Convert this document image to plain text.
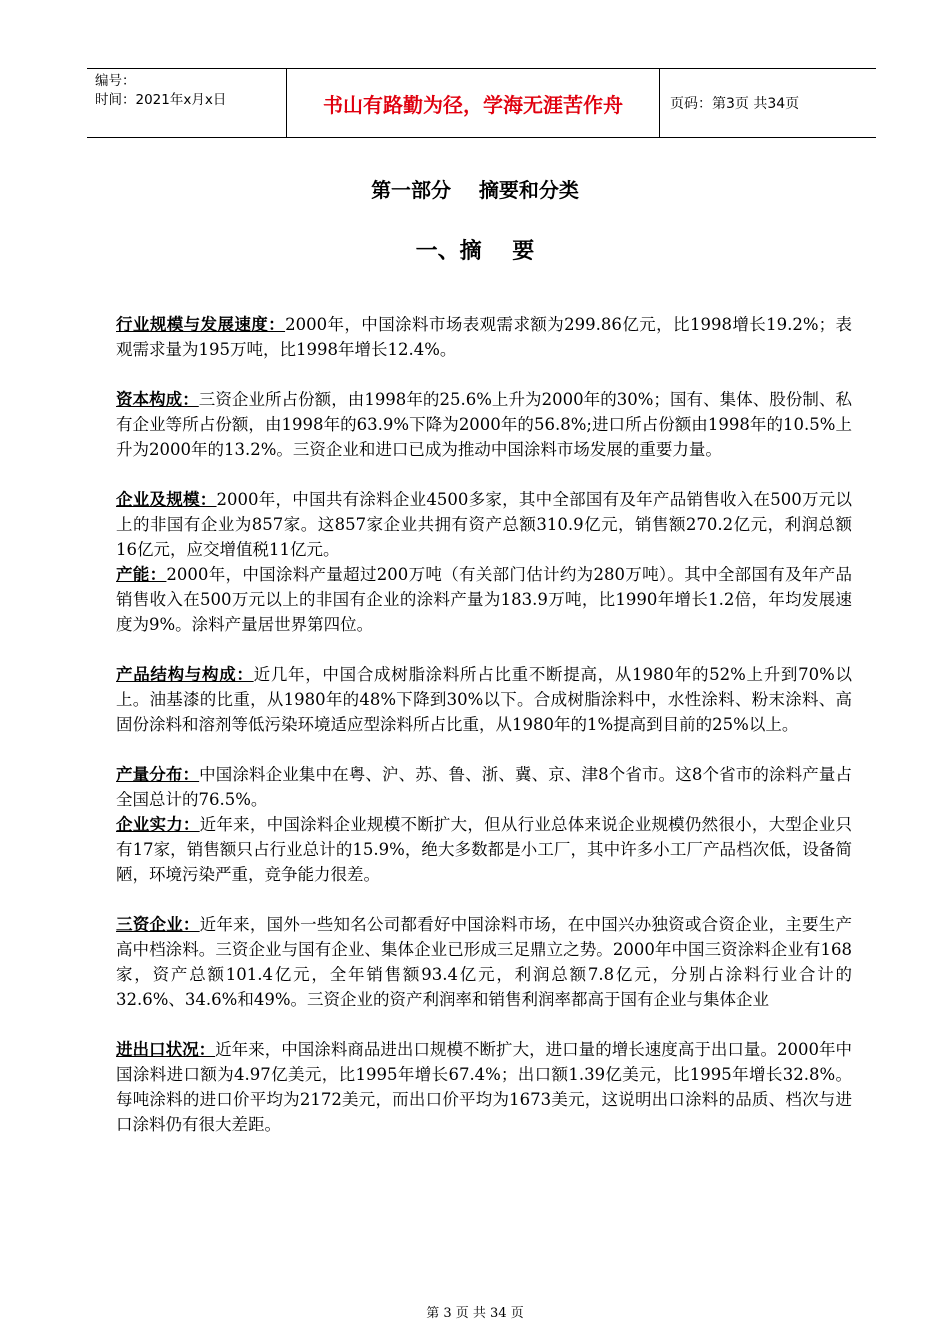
编号：
时间：2021年x月x日	书山有路勤为径，学海无涯苦作舟	页码：第3页 共34页
第一部分    摘要和分类
一、摘    要

行业规模与发展速度：2000年，中国涂料市场表观需求额为299.86亿元，比1998增长19.2%；表观需求量为195万吨，比1998年增长12.4%。

资本构成：三资企业所占份额，由1998年的25.6%上升为2000年的30%；国有、集体、股份制、私有企业等所占份额，由1998年的63.9%下降为2000年的56.8%;进口所占份额由1998年的10.5%上升为2000年的13.2%。三资企业和进口已成为推动中国涂料市场发展的重要力量。

企业及规模：2000年，中国共有涂料企业4500多家，其中全部国有及年产品销售收入在500万元以上的非国有企业为857家。这857家企业共拥有资产总额310.9亿元，销售额270.2亿元，利润总额16亿元，应交增值税11亿元。

产能：2000年，中国涂料产量超过200万吨（有关部门估计约为280万吨）。其中全部国有及年产品销售收入在500万元以上的非国有企业的涂料产量为183.9万吨，比1990年增长1.2倍，年均发展速度为9%。涂料产量居世界第四位。

产品结构与构成：近几年，中国合成树脂涂料所占比重不断提高，从1980年的52%上升到70%以上。油基漆的比重，从1980年的48%下降到30%以下。合成树脂涂料中，水性涂料、粉末涂料、高固份涂料和溶剂等低污染环境适应型涂料所占比重，从1980年的1%提高到目前的25%以上。

产量分布：中国涂料企业集中在粤、沪、苏、鲁、浙、冀、京、津8个省市。这8个省市的涂料产量占全国总计的76.5%。

企业实力：近年来，中国涂料企业规模不断扩大，但从行业总体来说企业规模仍然很小，大型企业只有17家，销售额只占行业总计的15.9%，绝大多数都是小工厂，其中许多小工厂产品档次低，设备简陋，环境污染严重，竞争能力很差。

三资企业：近年来，国外一些知名公司都看好中国涂料市场，在中国兴办独资或合资企业，主要生产高中档涂料。三资企业与国有企业、集体企业已形成三足鼎立之势。2000年中国三资涂料企业有168家，资产总额101.4亿元，全年销售额93.4亿元，利润总额7.8亿元，分别占涂料行业合计的32.6%、34.6%和49%。三资企业的资产利润率和销售利润率都高于国有企业与集体企业

进出口状况：近年来，中国涂料商品进出口规模不断扩大，进口量的增长速度高于出口量。2000年中国涂料进口额为4.97亿美元，比1995年增长67.4%；出口额1.39亿美元，比1995年增长32.8%。每吨涂料的进口价平均为2172美元，而出口价平均为1673美元，这说明出口涂料的品质、档次与进口涂料仍有很大差距。

第 3 页 共 34 页
